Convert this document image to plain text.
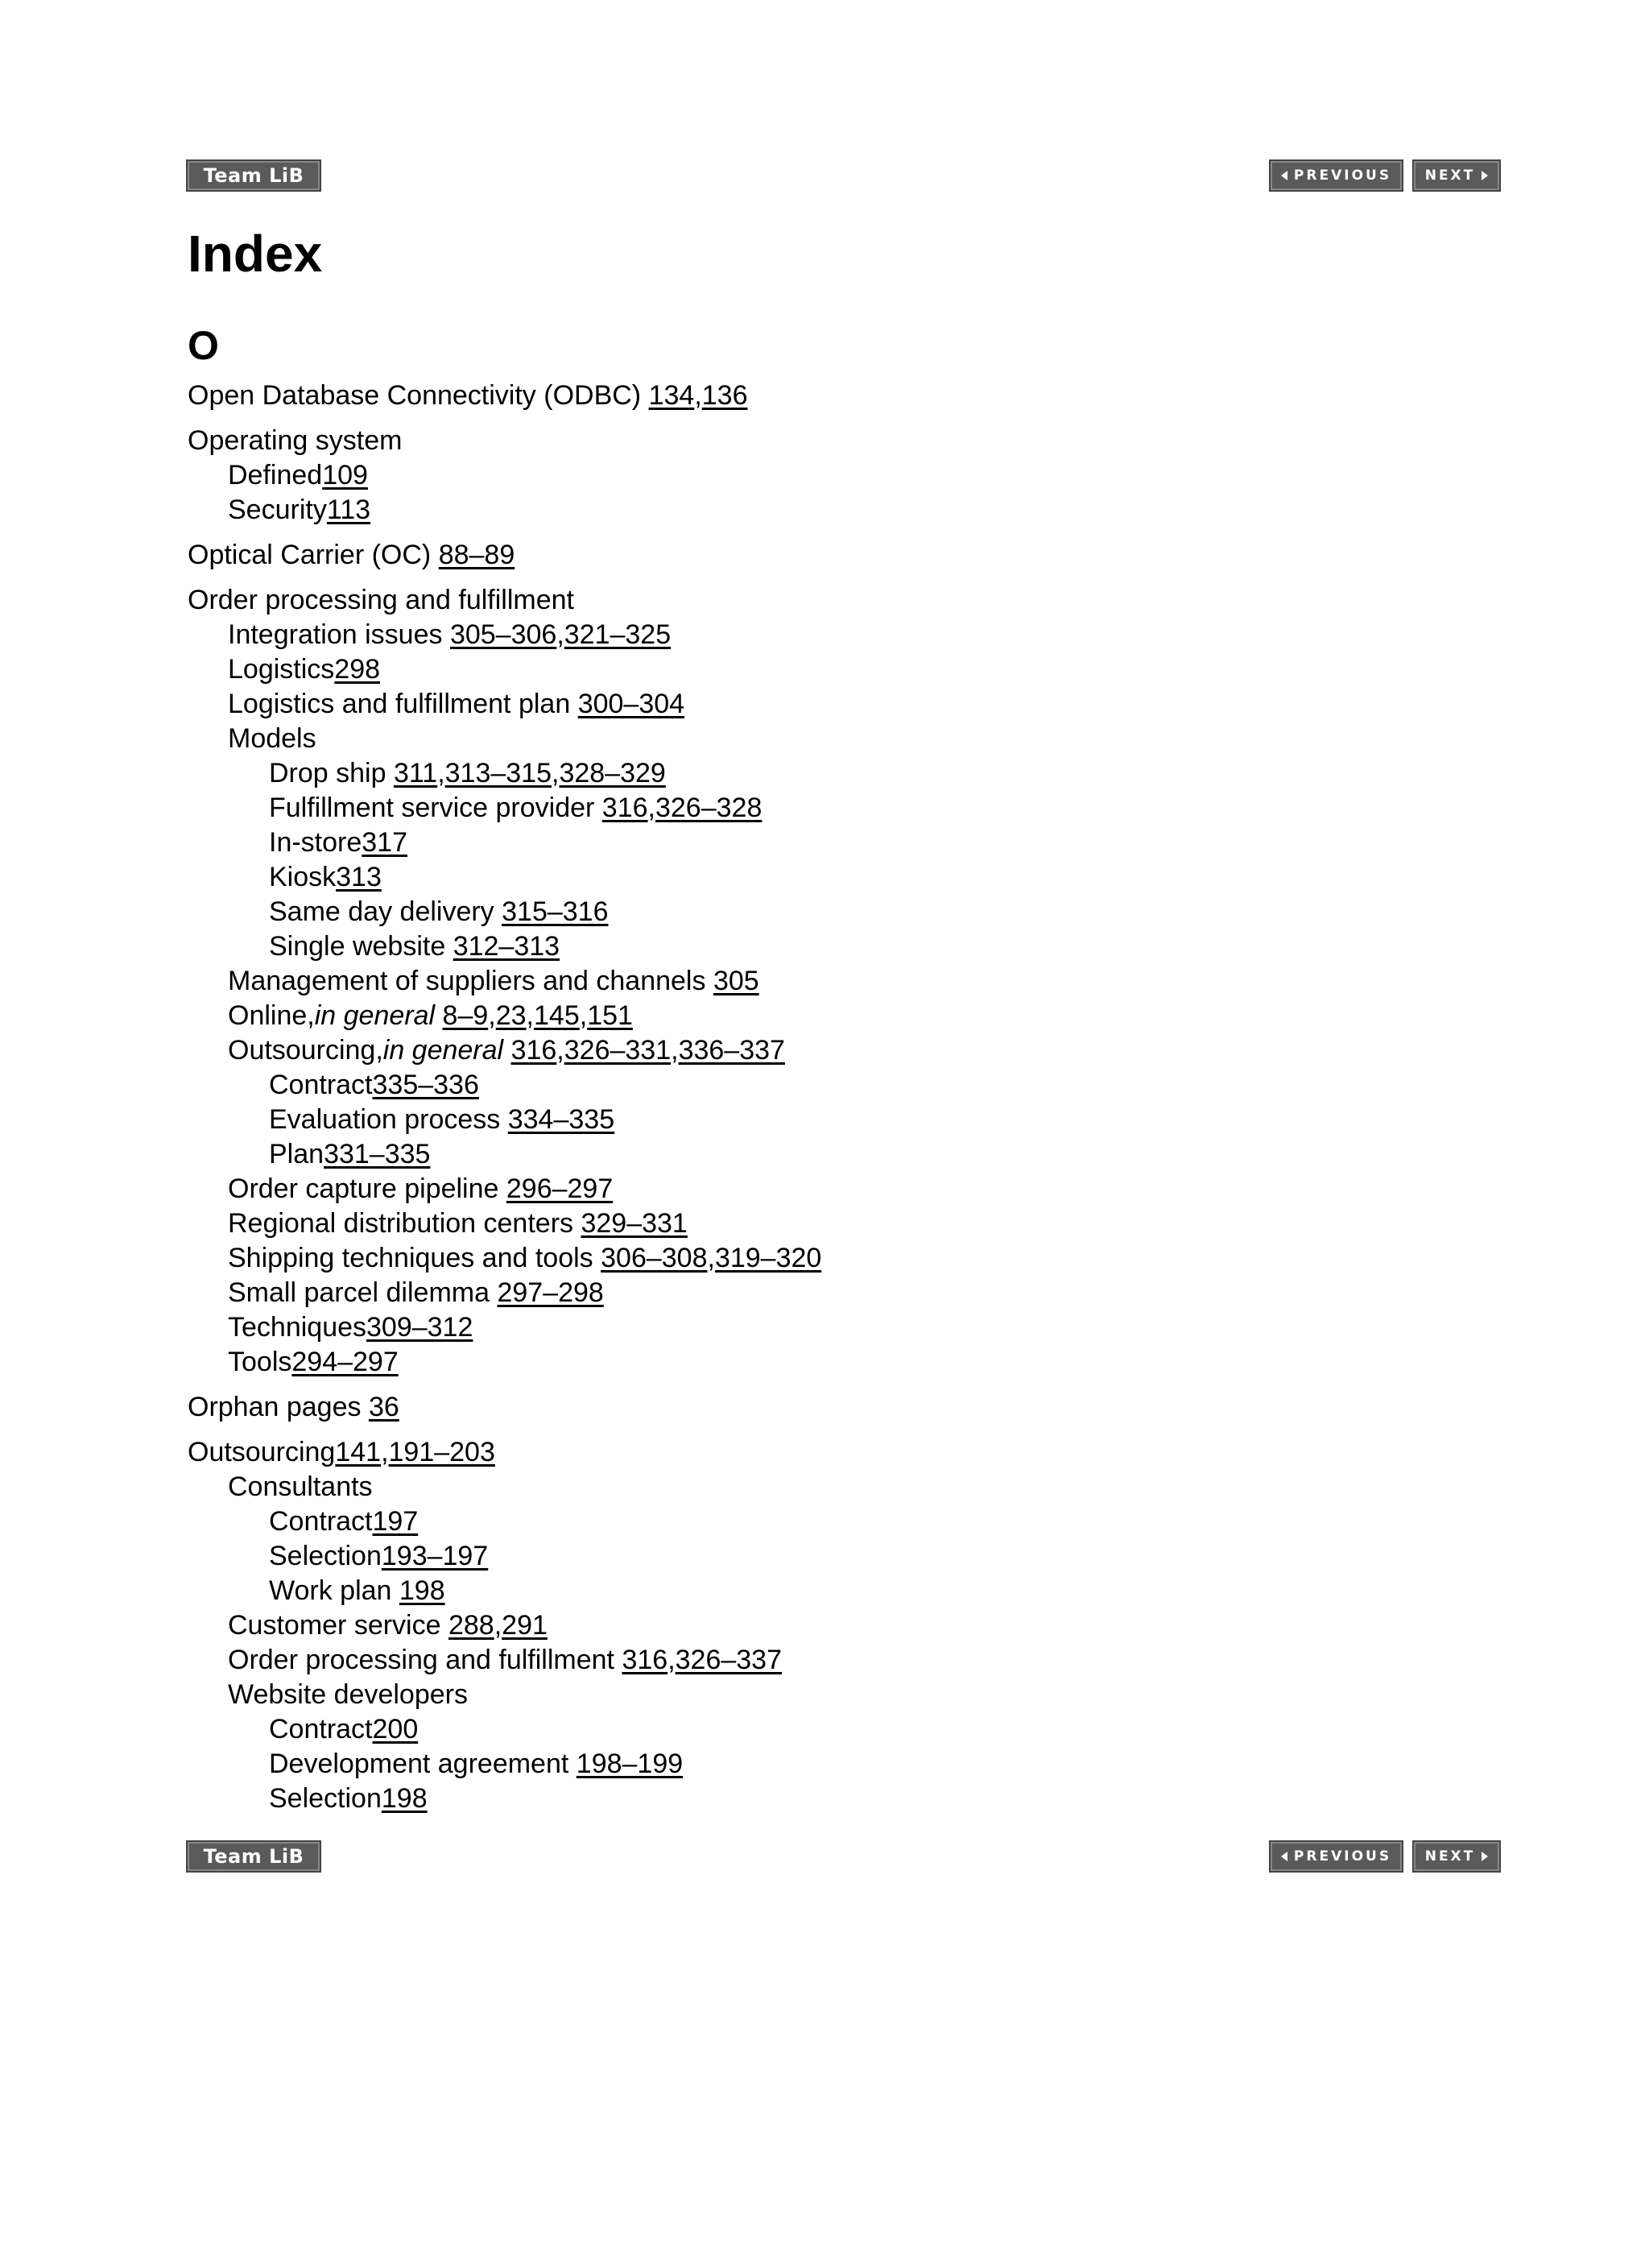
Team LiB	PREVIOUS NEXT
Index
O
Open Database Connectivity (ODBC) 134,136
Operating system
Defined109
Security113
Optical Carrier (OC) 88–89
Order processing and fulfillment
Integration issues 305–306,321–325
Logistics298
Logistics and fulfillment plan 300–304
Models
Drop ship 311,313–315,328–329
Fulfillment service provider 316,326–328
In-store317
Kiosk313
Same day delivery 315–316
Single website 312–313
Management of suppliers and channels 305
Online,in general 8–9,23,145,151
Outsourcing,in general 316,326–331,336–337
Contract335–336
Evaluation process 334–335
Plan331–335
Order capture pipeline 296–297
Regional distribution centers 329–331
Shipping techniques and tools 306–308,319–320
Small parcel dilemma 297–298
Techniques309–312
Tools294–297
Orphan pages 36
Outsourcing141,191–203
Consultants
Contract197
Selection193–197
Work plan 198
Customer service 288,291
Order processing and fulfillment 316,326–337
Website developers
Contract200
Development agreement 198–199
Selection198
Team LiB	PREVIOUS NEXT
